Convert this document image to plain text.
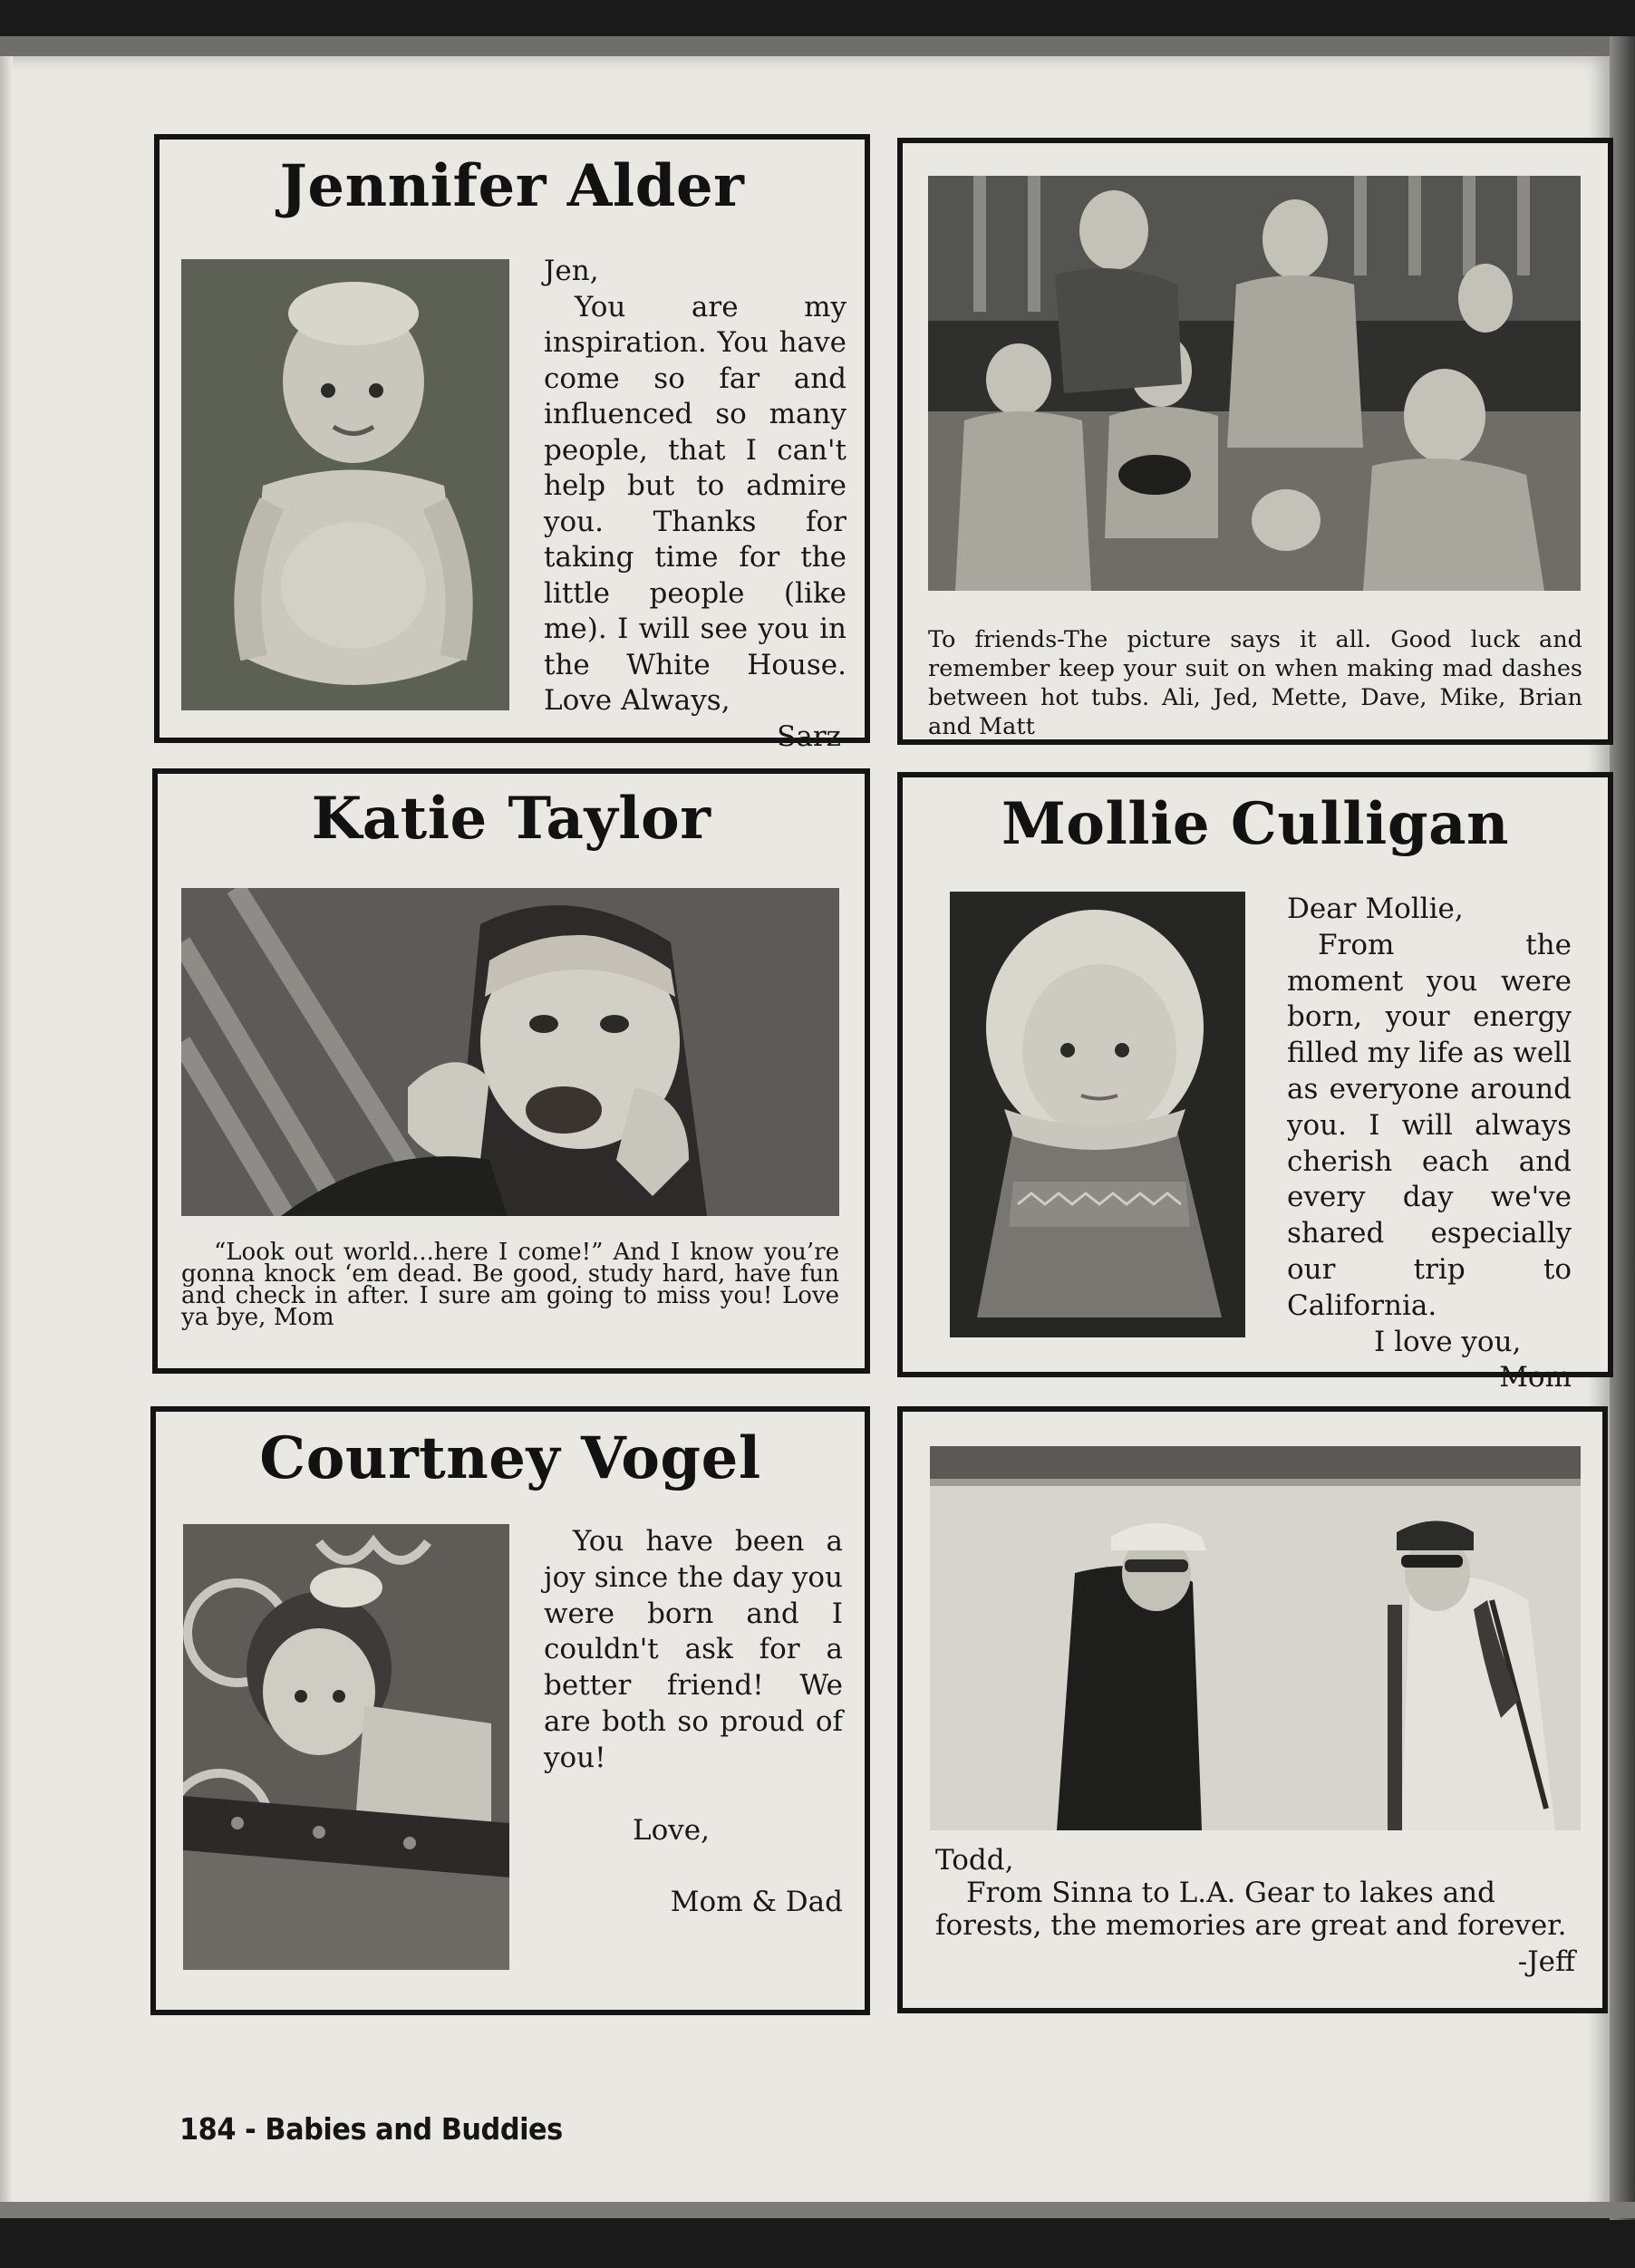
Jennifer Alder

Jen,

You are my inspiration. You have come so far and influenced so many people, that I can't help but to admire you. Thanks for taking time for the little people (like me). I will see you in the White House. Love Always,

Sarz

To friends-The picture says it all. Good luck and remember keep your suit on when making mad dashes between hot tubs. Ali, Jed, Mette, Dave, Mike, Brian and Matt

Katie Taylor

“Look out world...here I come!” And I know you’re gonna knock ‘em dead. Be good, study hard, have fun and check in after. I sure am going to miss you! Love ya bye, Mom

Mollie Culligan

Dear Mollie,

From the moment you were born, your energy filled my life as well as everyone around you. I will always cherish each and every day we've shared especially our trip to California.

I love you,

Mom

Courtney Vogel

You have been a joy since the day you were born and I couldn't ask for a better friend! We are both so proud of you!

Love,

Mom & Dad

Todd,

From Sinna to L.A. Gear to lakes and forests, the memories are great and forever.

-Jeff

184 - Babies and Buddies
